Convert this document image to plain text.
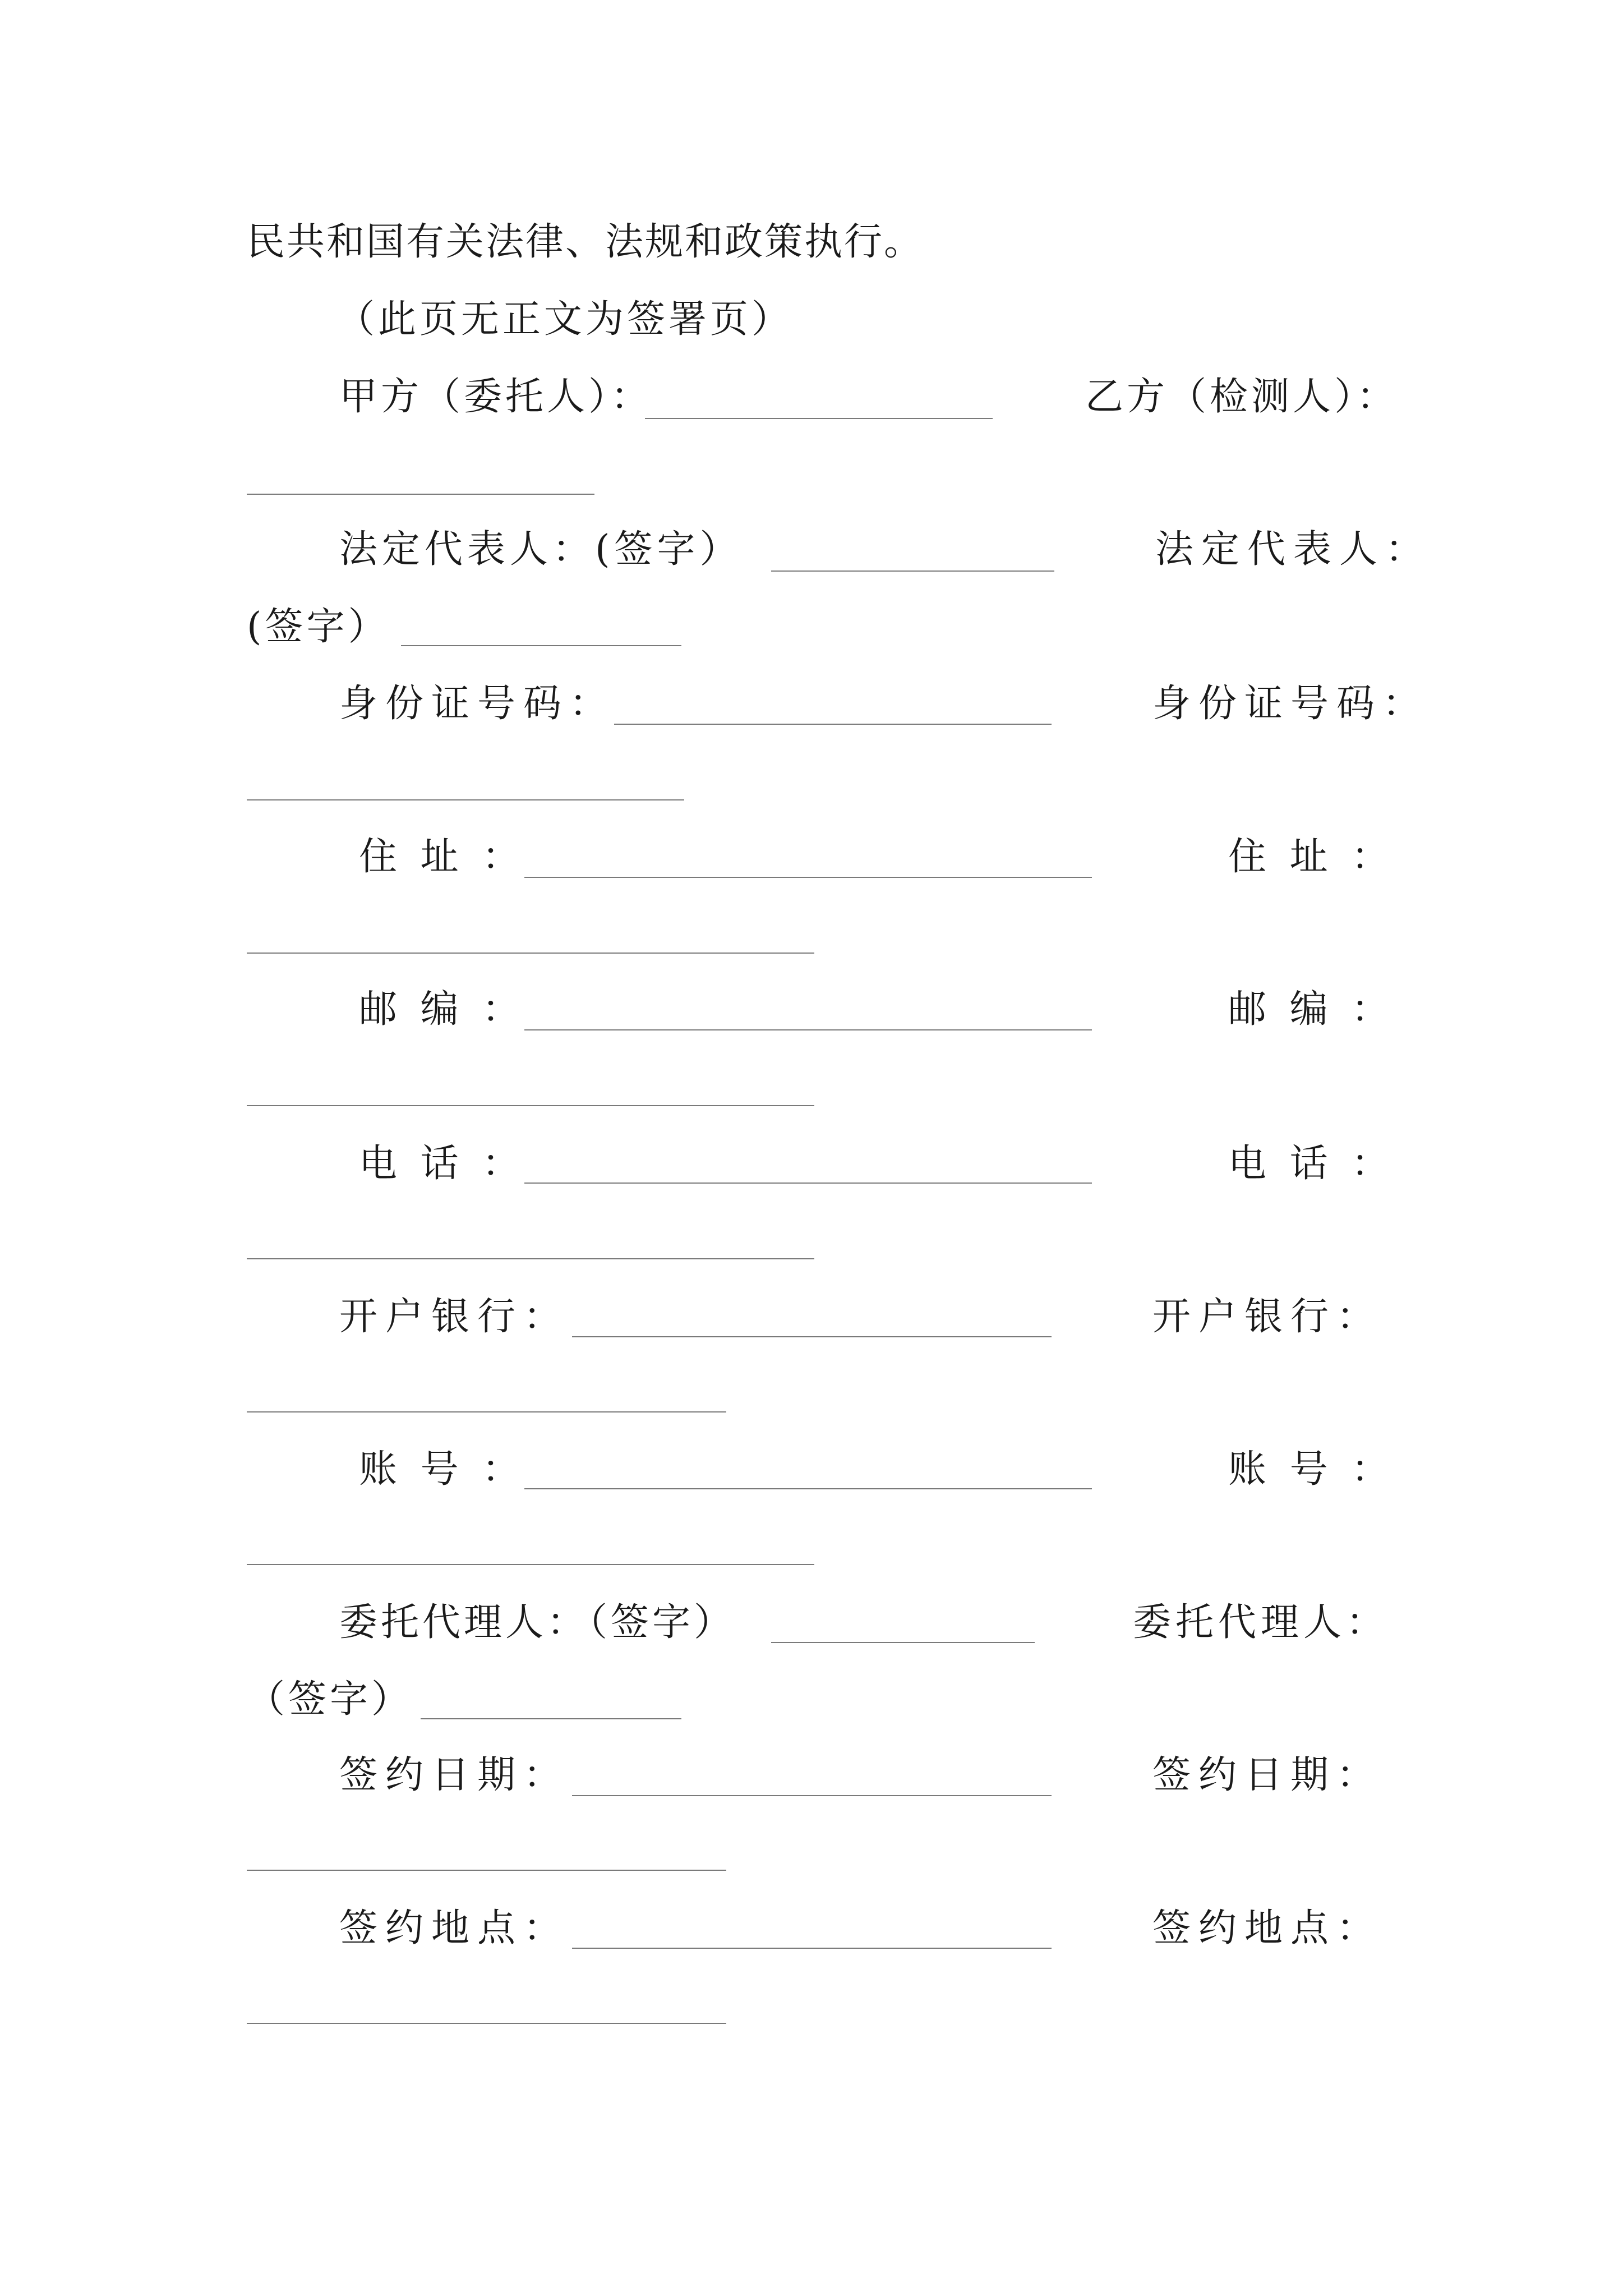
民共和国有关法律、法规和政策执行。
（此页无正文为签署页）
甲方（委托人）：	乙方（检测人）：
法定代表人：(签字）	法定代表人：
(签字）
身份证号码：	身份证号码：
住 址 ：	住 址 ：
邮 编 ：	邮 编 ：
电 话 ：	电 话 ：
开户银行：	开户银行：
账 号 ：	账 号 ：
委托代理人：（签字）	委托代理人：
（签字）
签约日期：	签约日期：
签约地点：	签约地点：
